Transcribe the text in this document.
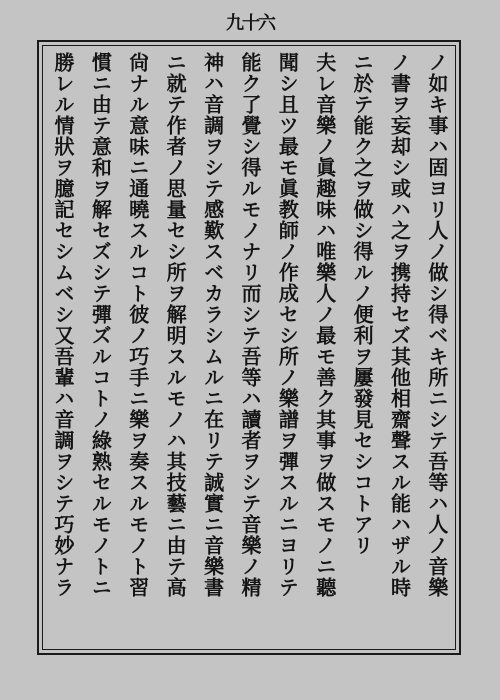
九十六
ノ如キ事ハ固ヨリ人ノ做シ得ベキ所ニシテ吾等ハ人ノ音樂
ノ書ヲ妄却シ或ハ之ヲ携持セズ其他相齋聲スル能ハザル時
ニ於テ能ク之ヲ做シ得ルノ便利ヲ屢發見セシコトアリ
夫レ音樂ノ眞趣味ハ唯樂人ノ最モ善ク其事ヲ做スモノニ聽
聞シ且ツ最モ眞教師ノ作成セシ所ノ樂譜ヲ彈スルニヨリテ
能ク了覺シ得ルモノナリ而シテ吾等ハ讀者ヲシテ音樂ノ精
神ハ音調ヲシテ感歎スベカラシムルニ在リテ誠實ニ音樂書
ニ就テ作者ノ思量セシ所ヲ解明スルモノハ其技藝ニ由テ高
尙ナル意味ニ通曉スルコト彼ノ巧手ニ樂ヲ奏スルモノト習
慣ニ由テ意和ヲ解セズシテ彈ズルコトノ綠熟セルモノトニ
勝レル情狀ヲ臆記セシムベシ又吾輩ハ音調ヲシテ巧妙ナラ
